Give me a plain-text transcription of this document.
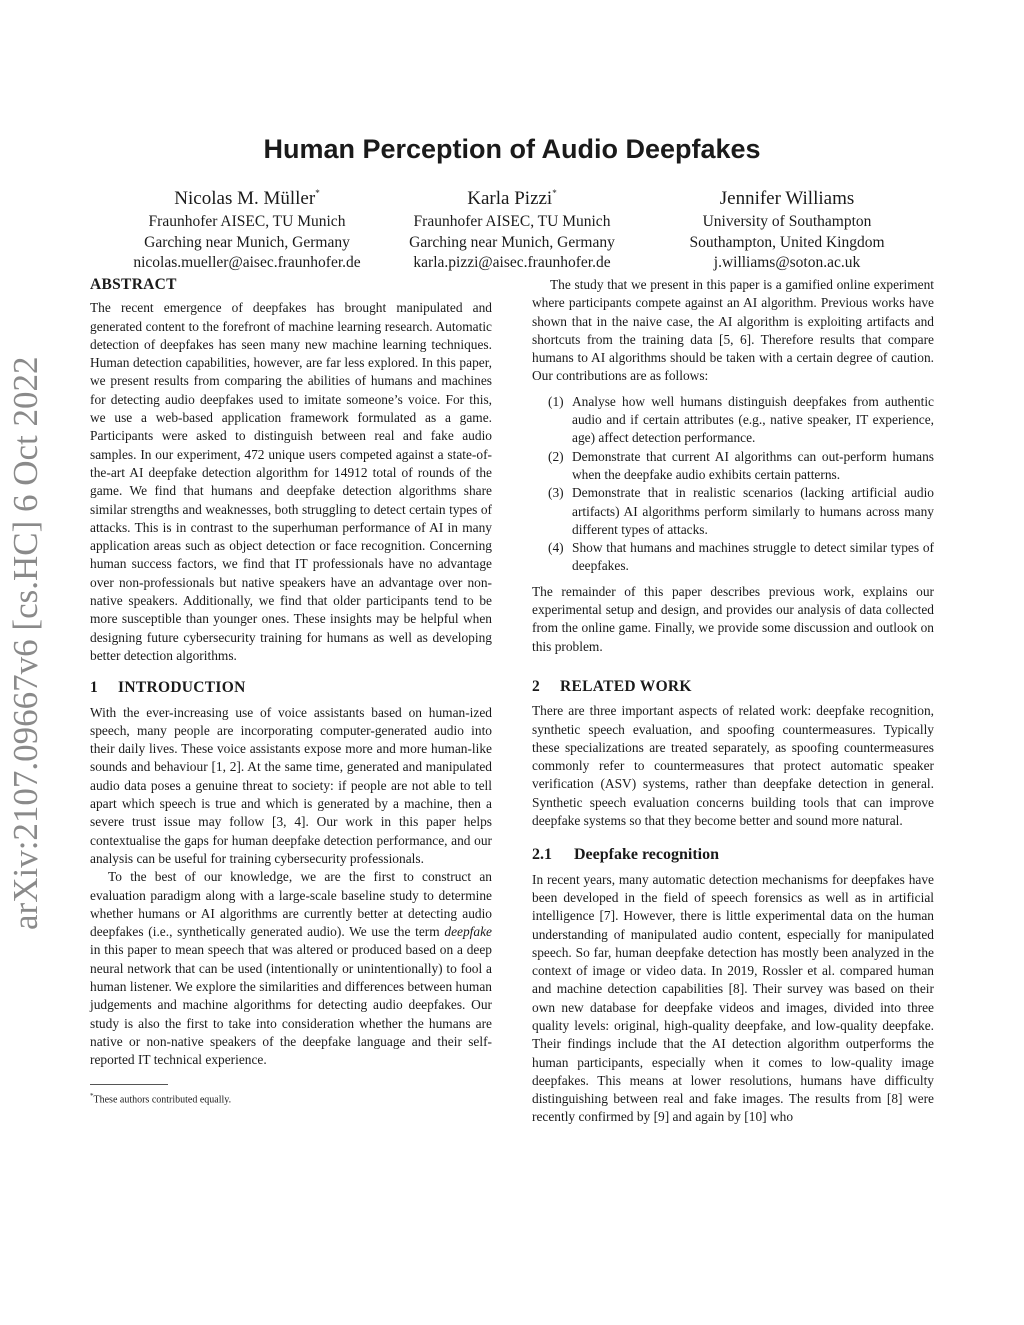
arXiv:2107.09667v6 [cs.HC] 6 Oct 2022
Human Perception of Audio Deepfakes
Nicolas M. Müller*
Fraunhofer AISEC, TU Munich
Garching near Munich, Germany
nicolas.mueller@aisec.fraunhofer.de
Karla Pizzi*
Fraunhofer AISEC, TU Munich
Garching near Munich, Germany
karla.pizzi@aisec.fraunhofer.de
Jennifer Williams
University of Southampton
Southampton, United Kingdom
j.williams@soton.ac.uk
ABSTRACT

The recent emergence of deepfakes has brought manipulated and generated content to the forefront of machine learning research. Automatic detection of deepfakes has seen many new machine learning techniques. Human detection capabilities, however, are far less explored. In this paper, we present results from comparing the abilities of humans and machines for detecting audio deepfakes used to imitate someone’s voice. For this, we use a web-based application framework formulated as a game. Participants were asked to distinguish between real and fake audio samples. In our experiment, 472 unique users competed against a state-of-the-art AI deepfake detection algorithm for 14912 total of rounds of the game. We find that humans and deepfake detection algorithms share similar strengths and weaknesses, both struggling to detect certain types of attacks. This is in contrast to the superhuman performance of AI in many application areas such as object detection or face recognition. Concerning human success factors, we find that IT professionals have no advantage over non-professionals but native speakers have an advantage over non-native speakers. Additionally, we find that older participants tend to be more susceptible than younger ones. These insights may be helpful when designing future cybersecurity training for humans as well as developing better detection algorithms.

1 INTRODUCTION

With the ever-increasing use of voice assistants based on human-ized speech, many people are incorporating computer-generated audio into their daily lives. These voice assistants expose more and more human-like sounds and behaviour [1, 2]. At the same time, generated and manipulated audio data poses a genuine threat to society: if people are not able to tell apart which speech is true and which is generated by a machine, then a severe trust issue may follow [3, 4]. Our work in this paper helps contextualise the gaps for human deepfake detection performance, and our analysis can be useful for training cybersecurity professionals.

To the best of our knowledge, we are the first to construct an evaluation paradigm along with a large-scale baseline study to determine whether humans or AI algorithms are currently better at detecting audio deepfakes (i.e., synthetically generated audio). We use the term deepfake in this paper to mean speech that was altered or produced based on a deep neural network that can be used (intentionally or unintentionally) to fool a human listener. We explore the similarities and differences between human judgements and machine algorithms for detecting audio deepfakes. Our study is also the first to take into consideration whether the humans are native or non-native speakers of the deepfake language and their self-reported IT technical experience.

*These authors contributed equally.

The study that we present in this paper is a gamified online experiment where participants compete against an AI algorithm. Previous works have shown that in the naive case, the AI algorithm is exploiting artifacts and shortcuts from the training data [5, 6]. Therefore results that compare humans to AI algorithms should be taken with a certain degree of caution. Our contributions are as follows:

(1) Analyse how well humans distinguish deepfakes from authentic audio and if certain attributes (e.g., native speaker, IT experience, age) affect detection performance.
(2) Demonstrate that current AI algorithms can out-perform humans when the deepfake audio exhibits certain patterns.
(3) Demonstrate that in realistic scenarios (lacking artificial audio artifacts) AI algorithms perform similarly to humans across many different types of attacks.
(4) Show that humans and machines struggle to detect similar types of deepfakes.

The remainder of this paper describes previous work, explains our experimental setup and design, and provides our analysis of data collected from the online game. Finally, we provide some discussion and outlook on this problem.

2 RELATED WORK

There are three important aspects of related work: deepfake recognition, synthetic speech evaluation, and spoofing countermeasures. Typically these specializations are treated separately, as spoofing countermeasures commonly refer to countermeasures that protect automatic speaker verification (ASV) systems, rather than deepfake detection in general. Synthetic speech evaluation concerns building tools that can improve deepfake systems so that they become better and sound more natural.

2.1 Deepfake recognition

In recent years, many automatic detection mechanisms for deepfakes have been developed in the field of speech forensics as well as in artificial intelligence [7]. However, there is little experimental data on the human understanding of manipulated audio content, especially for manipulated speech. So far, human deepfake detection has mostly been analyzed in the context of image or video data. In 2019, Rossler et al. compared human and machine detection capabilities [8]. Their survey was based on their own new database for deepfake videos and images, divided into three quality levels: original, high-quality deepfake, and low-quality deepfake. Their findings include that the AI detection algorithm outperforms the human participants, especially when it comes to low-quality image deepfakes. This means at lower resolutions, humans have difficulty distinguishing between real and fake images. The results from [8] were recently confirmed by [9] and again by [10] who
